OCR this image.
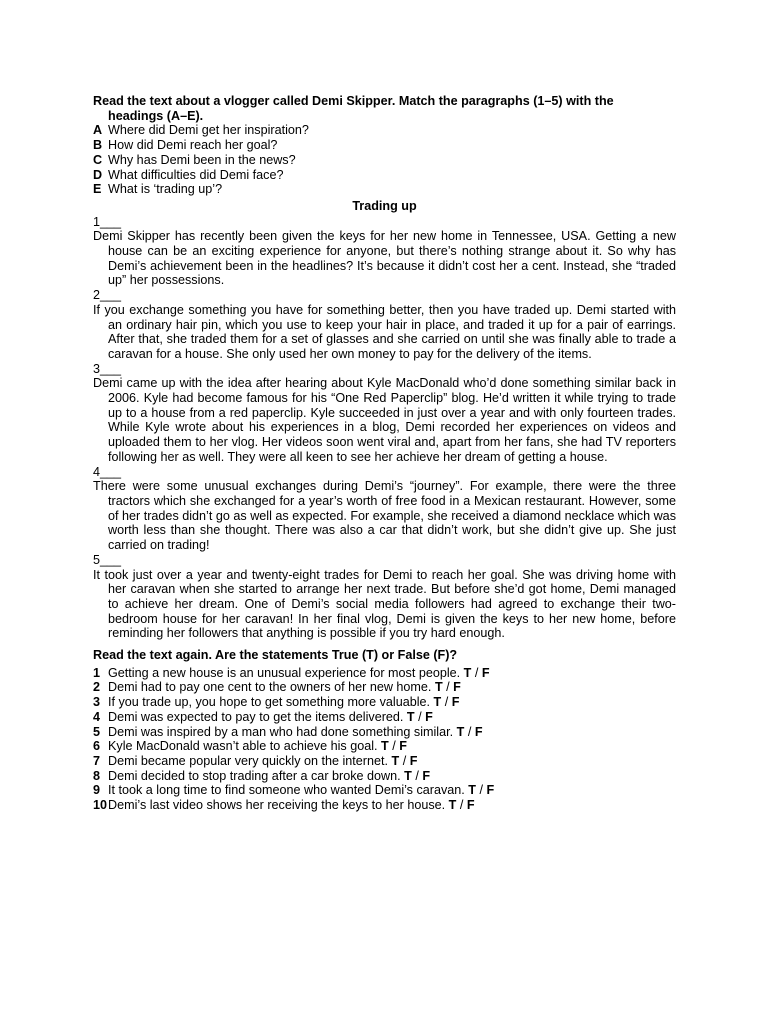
Read the text about a vlogger called Demi Skipper. Match the paragraphs (1–5) with the
headings (A–E).
A Where did Demi get her inspiration?
B How did Demi reach her goal?
C Why has Demi been in the news?
D What difficulties did Demi face?
E What is ‘trading up’?
Trading up
1___
Demi Skipper has recently been given the keys for her new home in Tennessee, USA. Getting a new house can be an exciting experience for anyone, but there’s nothing strange about it. So why has Demi’s achievement been in the headlines? It’s because it didn’t cost her a cent. Instead, she “traded up” her possessions.
2___
If you exchange something you have for something better, then you have traded up. Demi started with an ordinary hair pin, which you use to keep your hair in place, and traded it up for a pair of earrings. After that, she traded them for a set of glasses and she carried on until she was finally able to trade a caravan for a house. She only used her own money to pay for the delivery of the items.
3___
Demi came up with the idea after hearing about Kyle MacDonald who’d done something similar back in 2006. Kyle had become famous for his “One Red Paperclip” blog. He’d written it while trying to trade up to a house from a red paperclip. Kyle succeeded in just over a year and with only fourteen trades. While Kyle wrote about his experiences in a blog, Demi recorded her experiences on videos and uploaded them to her vlog. Her videos soon went viral and, apart from her fans, she had TV reporters following her as well. They were all keen to see her achieve her dream of getting a house.
4___
There were some unusual exchanges during Demi’s “journey”. For example, there were the three tractors which she exchanged for a year’s worth of free food in a Mexican restaurant. However, some of her trades didn’t go as well as expected. For example, she received a diamond necklace which was worth less than she thought. There was also a car that didn’t work, but she didn’t give up. She just carried on trading!
5___
It took just over a year and twenty-eight trades for Demi to reach her goal. She was driving home with her caravan when she started to arrange her next trade. But before she’d got home, Demi managed to achieve her dream. One of Demi’s social media followers had agreed to exchange their two-bedroom house for her caravan! In her final vlog, Demi is given the keys to her new home, before reminding her followers that anything is possible if you try hard enough.
Read the text again. Are the statements True (T) or False (F)?
1 Getting a new house is an unusual experience for most people. T / F
2 Demi had to pay one cent to the owners of her new home. T / F
3 If you trade up, you hope to get something more valuable. T / F
4 Demi was expected to pay to get the items delivered. T / F
5 Demi was inspired by a man who had done something similar. T / F
6 Kyle MacDonald wasn’t able to achieve his goal. T / F
7 Demi became popular very quickly on the internet. T / F
8 Demi decided to stop trading after a car broke down. T / F
9 It took a long time to find someone who wanted Demi’s caravan. T / F
10 Demi’s last video shows her receiving the keys to her house. T / F
